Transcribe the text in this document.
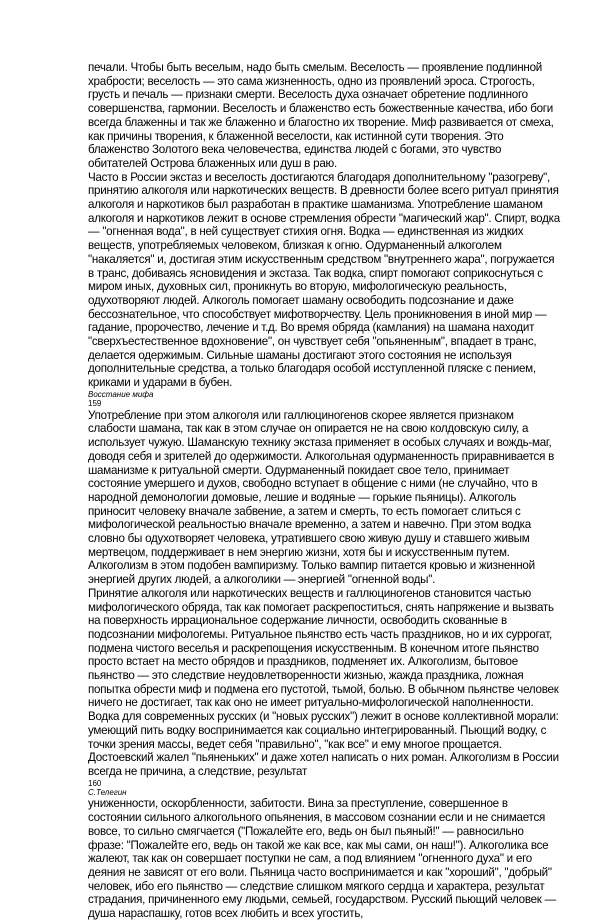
печали. Чтобы быть веселым, надо быть смелым. Веселость — проявление подлинной храбрости; веселость — это сама жизненность, одно из проявлений эроса. Строгость, грусть и печаль — признаки смерти. Веселость духа означает обретение подлинного совершенства, гармонии. Веселость и блаженство есть божественные качества, ибо боги всегда блаженны и так же блаженно и благостно их творение. Миф развивается от смеха, как причины творения, к блаженной веселости, как истинной сути творения. Это блаженство Золотого века человечества, единства людей с богами, это чувство обитателей Острова блаженных или душ в раю.

Часто в России экстаз и веселость достигаются благодаря дополнительному "разогреву", принятию алкоголя или наркотических веществ. В древности более всего ритуал принятия алкоголя и наркотиков был разработан в практике шаманизма. Употребление шаманом алкоголя и наркотиков лежит в основе стремления обрести "магический жар". Спирт, водка — "огненная вода", в ней существует стихия огня. Водка — единственная из жидких веществ, употребляемых человеком, близкая к огню. Одурманенный алкоголем "накаляется" и, достигая этим искусственным средством "внутреннего жара", погружается в транс, добиваясь ясновидения и экстаза. Так водка, спирт помогают соприкоснуться с миром иных, духовных сил, проникнуть во вторую, мифологическую реальность, одухотворяют людей. Алкоголь помогает шаману освободить подсознание и даже бессознательное, что способствует мифотворчеству. Цель проникновения в иной мир — гадание, пророчество, лечение и т.д. Во время обряда (камлания) на шамана находит "сверхъестественное вдохновение", он чувствует себя "опьяненным", впадает в транс, делается одержимым. Сильные шаманы достигают этого состояния не используя дополнительные средства, а только благодаря особой исступленной пляске с пением, криками и ударами в бубен.

Восстание мифа

159

Употребление при этом алкоголя или галлюциногенов скорее является признаком слабости шамана, так как в этом случае он опирается не на свою колдовскую силу, а использует чужую. Шаманскую технику экстаза применяет в особых случаях и вождь-маг, доводя себя и зрителей до одержимости. Алкогольная одурманенность приравнивается в шаманизме к ритуальной смерти. Одурманенный покидает свое тело, принимает состояние умершего и духов, свободно вступает в общение с ними (не случайно, что в народной демонологии домовые, лешие и водяные — горькие пьяницы). Алкоголь приносит человеку вначале забвение, а затем и смерть, то есть помогает слиться с мифологической реальностью вначале временно, а затем и навечно. При этом водка словно бы одухотворяет человека, утратившего свою живую душу и ставшего живым мертвецом, поддерживает в нем энергию жизни, хотя бы и искусственным путем. Алкоголизм в этом подобен вампиризму. Только вампир питается кровью и жизненной энергией других людей, а алкоголики — энергией "огненной воды".

Принятие алкоголя или наркотических веществ и галлюциногенов становится частью мифологического обряда, так как помогает раскрепоститься, снять напряжение и вызвать на поверхность иррациональное содержание личности, освободить скованные в подсознании мифологемы. Ритуальное пьянство есть часть праздников, но и их суррогат, подмена чистого веселья и раскрепощения искусственным. В конечном итоге пьянство просто встает на место обрядов и праздников, подменяет их. Алкоголизм, бытовое пьянство — это следствие неудовлетворенности жизнью, жажда праздника, ложная попытка обрести миф и подмена его пустотой, тьмой, болью. В обычном пьянстве человек ничего не достигает, так как оно не имеет ритуально-мифологической наполненности.

Водка для современных русских (и "новых русских") лежит в основе коллективной морали: умеющий пить водку воспринимается как социально интегрированный. Пьющий водку, с точки зрения массы, ведет себя "правильно", "как все" и ему многое прощается. Достоевский жалел "пьяненьких" и даже хотел написать о них роман. Алкоголизм в России всегда не причина, а следствие, результат

160

С.Телегин

униженности, оскорбленности, забитости. Вина за преступление, совершенное в состоянии сильного алкогольного опьянения, в массовом сознании если и не снимается вовсе, то сильно смягчается ("Пожалейте его, ведь он был пьяный!" — равносильно фразе: "Пожалейте его, ведь он такой же как все, как мы сами, он наш!"). Алкоголика все жалеют, так как он совершает поступки не сам, а под влиянием "огненного духа" и его деяния не зависят от его воли. Пьяница часто воспринимается и как "хороший", "добрый" человек, ибо его пьянство — следствие слишком мягкого сердца и характера, результат страдания, причиненного ему людьми, семьей, государством. Русский пьющий человек — душа нараспашку, готов всех любить и всех угостить,
